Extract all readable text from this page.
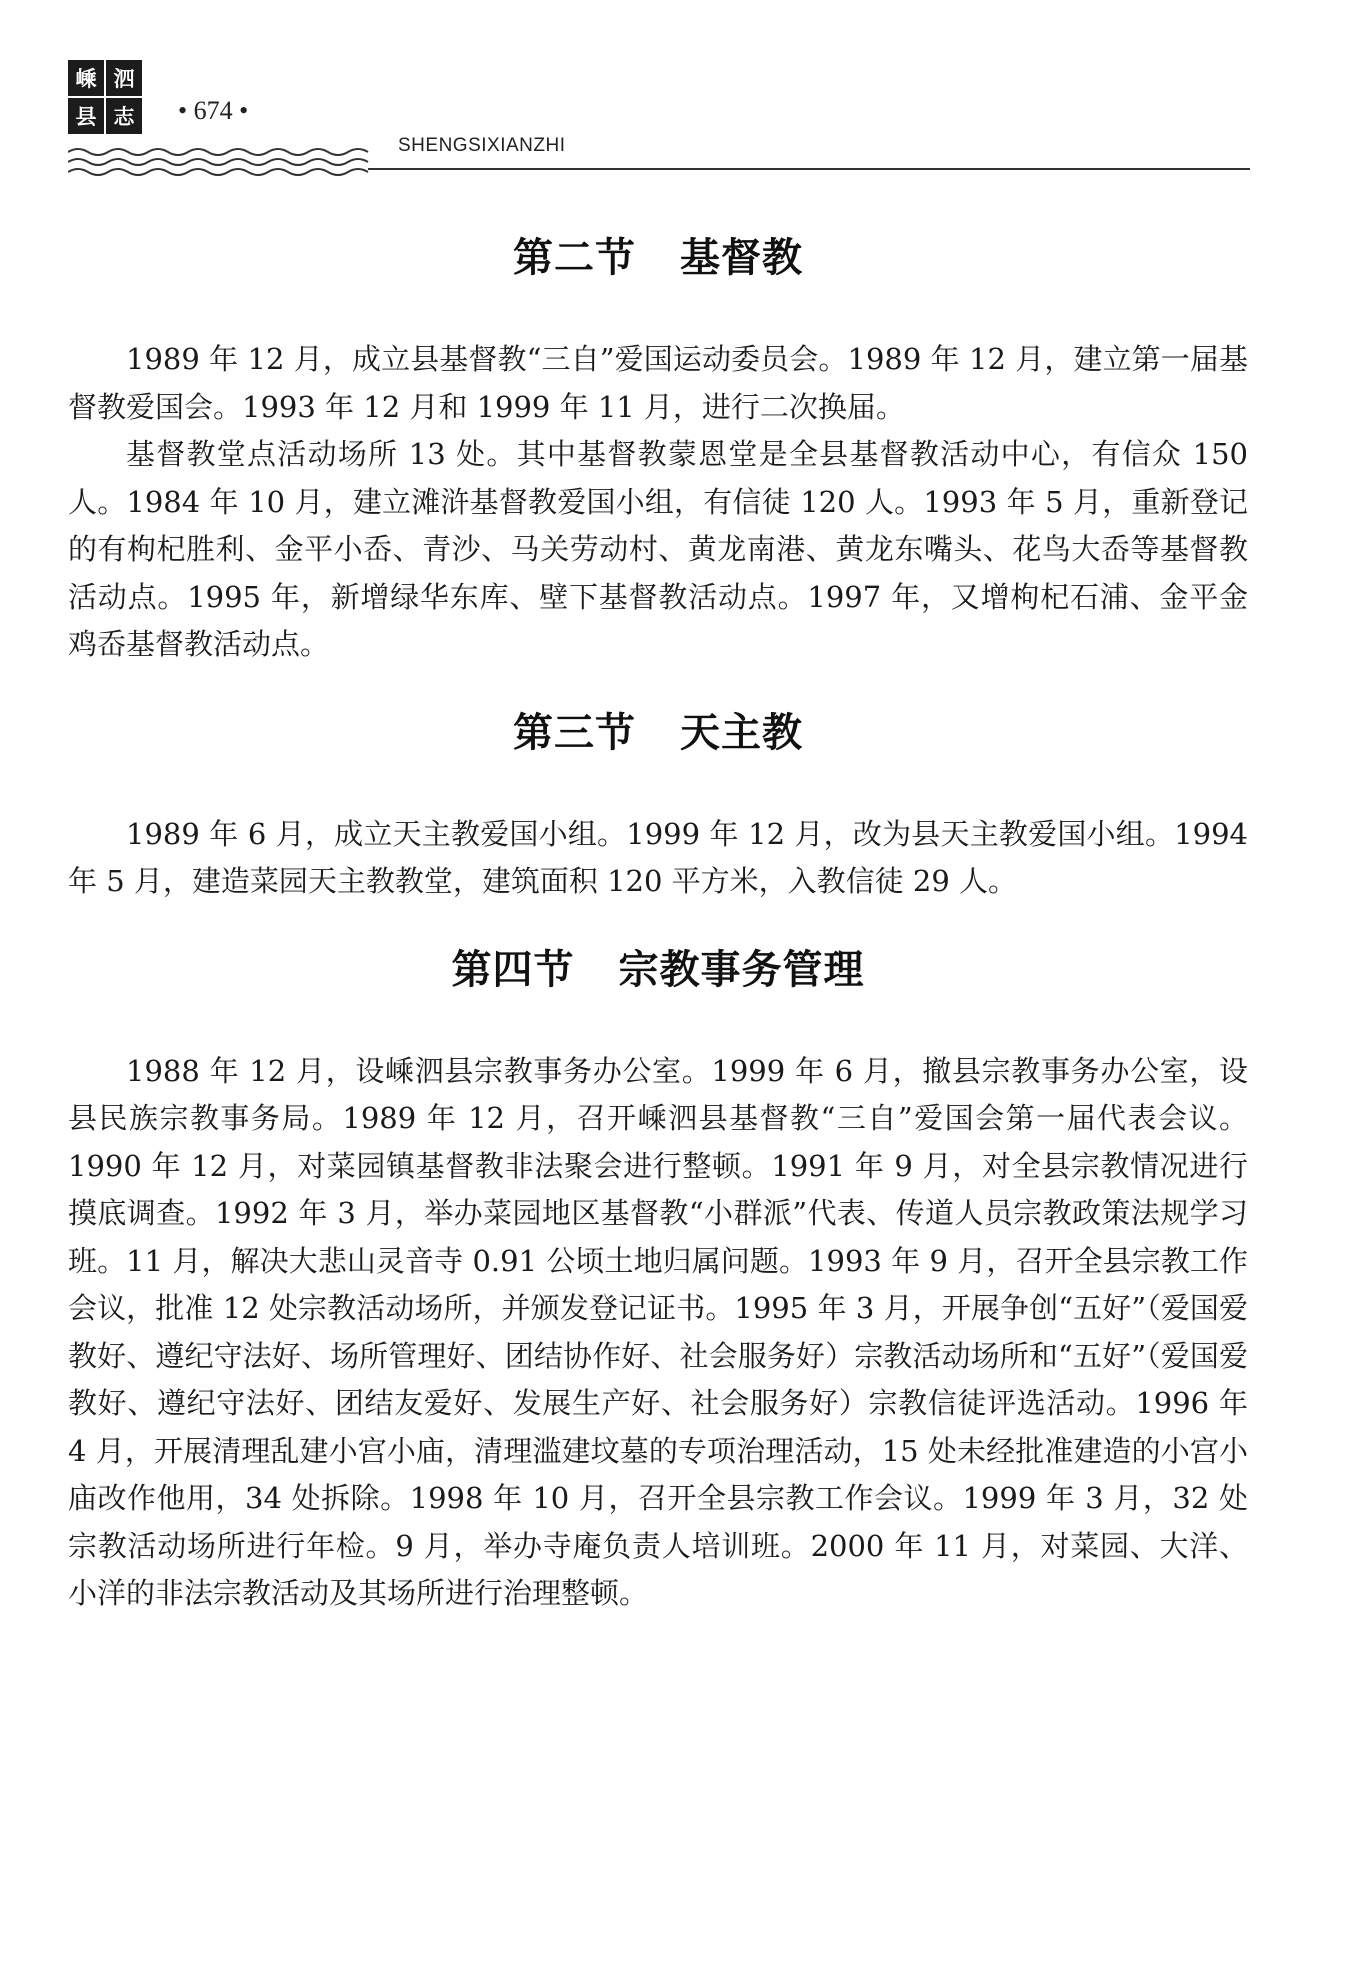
嵊 泗
县 志 • 674 •
SHENGSIXIANZHI
第二节 基督教

1989 年 12 月，成立县基督教“三自”爱国运动委员会。1989 年 12 月，建立第一届基督教爱国会。1993 年 12 月和 1999 年 11 月，进行二次换届。

基督教堂点活动场所 13 处。其中基督教蒙恩堂是全县基督教活动中心，有信众 150 人。1984 年 10 月，建立滩浒基督教爱国小组，有信徒 120 人。1993 年 5 月，重新登记的有枸杞胜利、金平小岙、青沙、马关劳动村、黄龙南港、黄龙东嘴头、花鸟大岙等基督教活动点。1995 年，新增绿华东库、壁下基督教活动点。1997 年，又增枸杞石浦、金平金鸡岙基督教活动点。

第三节 天主教

1989 年 6 月，成立天主教爱国小组。1999 年 12 月，改为县天主教爱国小组。1994 年 5 月，建造菜园天主教教堂，建筑面积 120 平方米，入教信徒 29 人。

第四节 宗教事务管理

1988 年 12 月，设嵊泗县宗教事务办公室。1999 年 6 月，撤县宗教事务办公室，设县民族宗教事务局。1989 年 12 月，召开嵊泗县基督教“三自”爱国会第一届代表会议。1990 年 12 月，对菜园镇基督教非法聚会进行整顿。1991 年 9 月，对全县宗教情况进行摸底调查。1992 年 3 月，举办菜园地区基督教“小群派”代表、传道人员宗教政策法规学习班。11 月，解决大悲山灵音寺 0.91 公顷土地归属问题。1993 年 9 月，召开全县宗教工作会议，批准 12 处宗教活动场所，并颁发登记证书。1995 年 3 月，开展争创“五好”（爱国爱教好、遵纪守法好、场所管理好、团结协作好、社会服务好）宗教活动场所和“五好”（爱国爱教好、遵纪守法好、团结友爱好、发展生产好、社会服务好）宗教信徒评选活动。1996 年 4 月，开展清理乱建小宫小庙，清理滥建坟墓的专项治理活动，15 处未经批准建造的小宫小庙改作他用，34 处拆除。1998 年 10 月，召开全县宗教工作会议。1999 年 3 月，32 处宗教活动场所进行年检。9 月，举办寺庵负责人培训班。2000 年 11 月，对菜园、大洋、小洋的非法宗教活动及其场所进行治理整顿。
